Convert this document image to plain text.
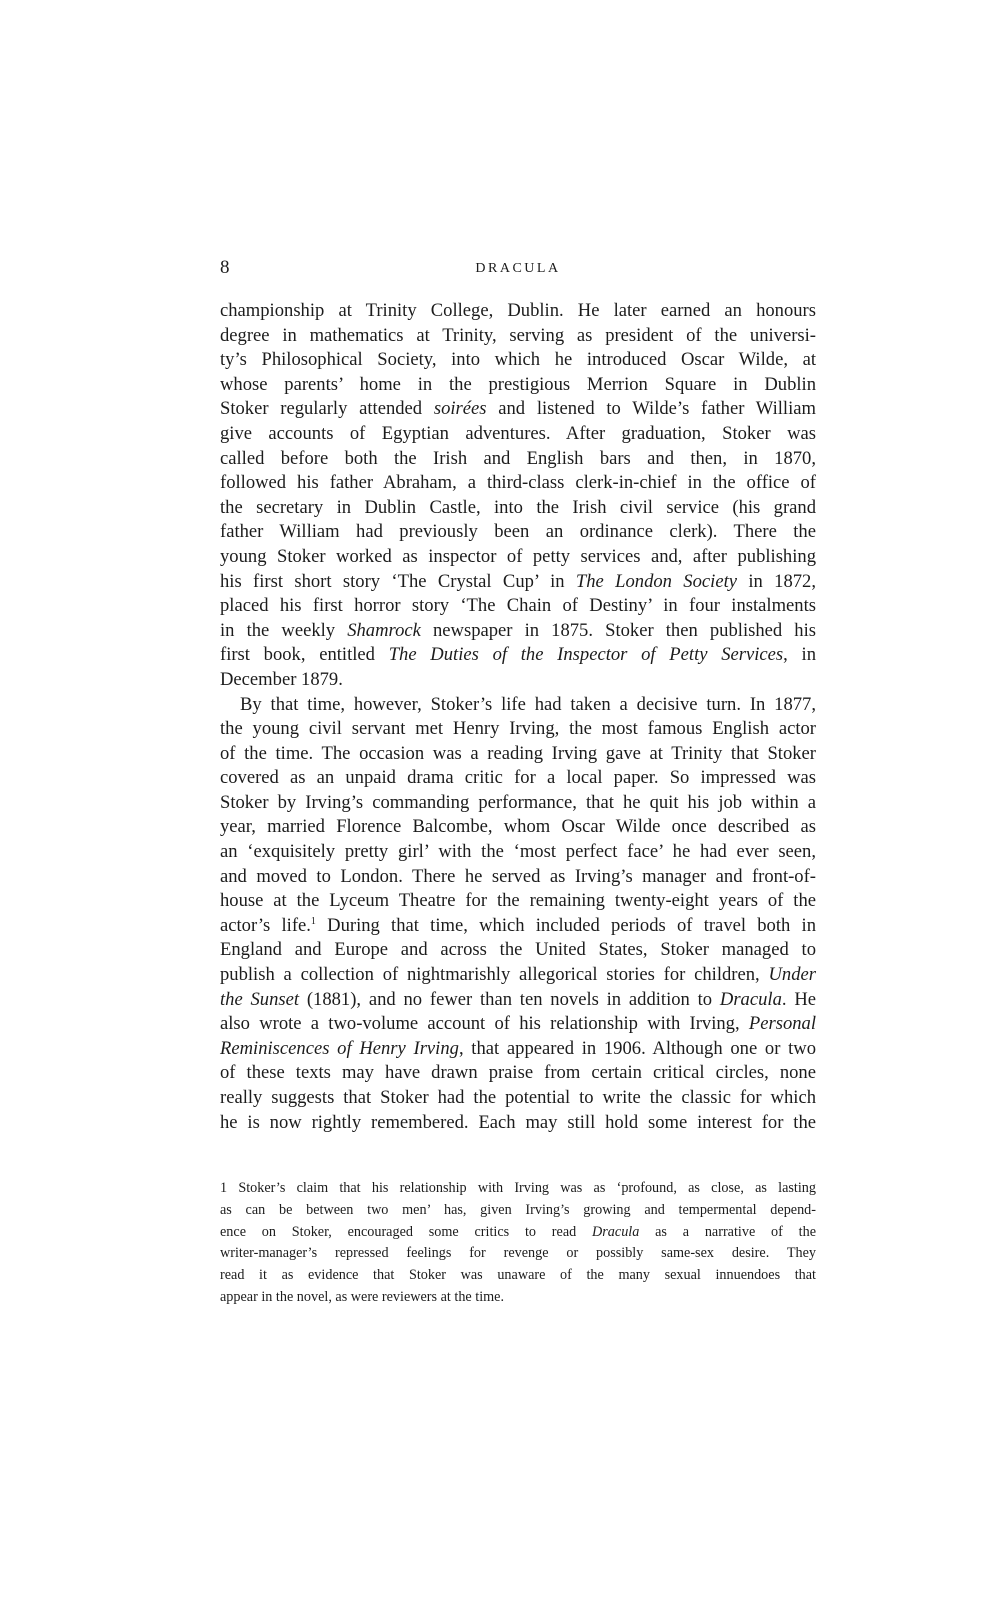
8	DRACULA
championship at Trinity College, Dublin. He later earned an honours
degree in mathematics at Trinity, serving as president of the universi-
ty’s Philosophical Society, into which he introduced Oscar Wilde, at
whose parents’ home in the prestigious Merrion Square in Dublin
Stoker regularly attended soirées and listened to Wilde’s father William
give accounts of Egyptian adventures. After graduation, Stoker was
called before both the Irish and English bars and then, in 1870,
followed his father Abraham, a third-class clerk-in-chief in the office of
the secretary in Dublin Castle, into the Irish civil service (his grand
father William had previously been an ordinance clerk). There the
young Stoker worked as inspector of petty services and, after publishing
his first short story ‘The Crystal Cup’ in The London Society in 1872,
placed his first horror story ‘The Chain of Destiny’ in four instalments
in the weekly Shamrock newspaper in 1875. Stoker then published his
first book, entitled The Duties of the Inspector of Petty Services, in
December 1879.
By that time, however, Stoker’s life had taken a decisive turn. In 1877,
the young civil servant met Henry Irving, the most famous English actor
of the time. The occasion was a reading Irving gave at Trinity that Stoker
covered as an unpaid drama critic for a local paper. So impressed was
Stoker by Irving’s commanding performance, that he quit his job within a
year, married Florence Balcombe, whom Oscar Wilde once described as
an ‘exquisitely pretty girl’ with the ‘most perfect face’ he had ever seen,
and moved to London. There he served as Irving’s manager and front-of-
house at the Lyceum Theatre for the remaining twenty-eight years of the
actor’s life.$^1$ During that time, which included periods of travel both in
England and Europe and across the United States, Stoker managed to
publish a collection of nightmarishly allegorical stories for children, Under
the Sunset (1881), and no fewer than ten novels in addition to Dracula. He
also wrote a two-volume account of his relationship with Irving, Personal
Reminiscences of Henry Irving, that appeared in 1906. Although one or two
of these texts may have drawn praise from certain critical circles, none
really suggests that Stoker had the potential to write the classic for which
he is now rightly remembered. Each may still hold some interest for the
1 Stoker’s claim that his relationship with Irving was as ‘profound, as close, as lasting
as can be between two men’ has, given Irving’s growing and tempermental depend-
ence on Stoker, encouraged some critics to read Dracula as a narrative of the
writer-manager’s repressed feelings for revenge or possibly same-sex desire. They
read it as evidence that Stoker was unaware of the many sexual innuendoes that
appear in the novel, as were reviewers at the time.
